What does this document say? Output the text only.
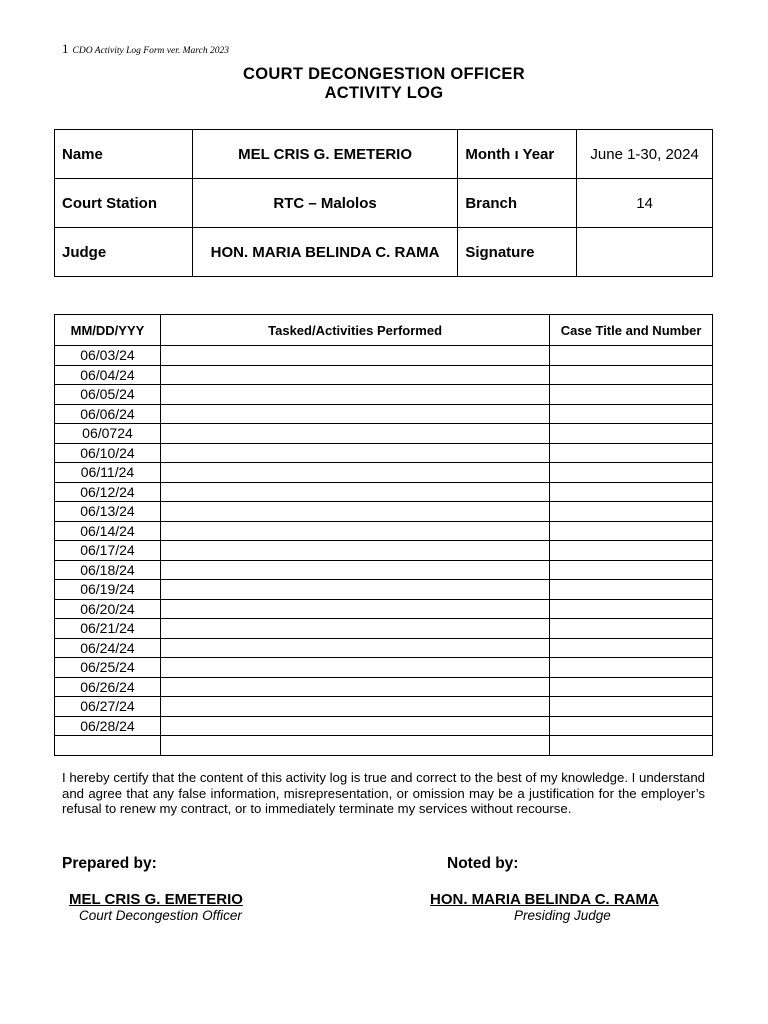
1 CDO Activity Log Form ver. March 2023
COURT DECONGESTION OFFICER
ACTIVITY LOG
Name	MEL CRIS G. EMETERIO	Month ı Year	June 1-30, 2024
Court Station	RTC – Malolos	Branch	14
Judge	HON. MARIA BELINDA C. RAMA	Signature	
MM/DD/YYY	Tasked/Activities Performed	Case Title and Number
06/03/24		
06/04/24		
06/05/24		
06/06/24		
06/0724		
06/10/24		
06/11/24		
06/12/24		
06/13/24		
06/14/24		
06/17/24		
06/18/24		
06/19/24		
06/20/24		
06/21/24		
06/24/24		
06/25/24		
06/26/24		
06/27/24		
06/28/24		

I hereby certify that the content of this activity log is true and correct to the best of my knowledge. I understand and agree that any false information, misrepresentation, or omission may be a justification for the employer’s refusal to renew my contract, or to immediately terminate my services without recourse.
Prepared by:	Noted by:
MEL CRIS G. EMETERIO
Court Decongestion Officer
HON. MARIA BELINDA C. RAMA
Presiding Judge
